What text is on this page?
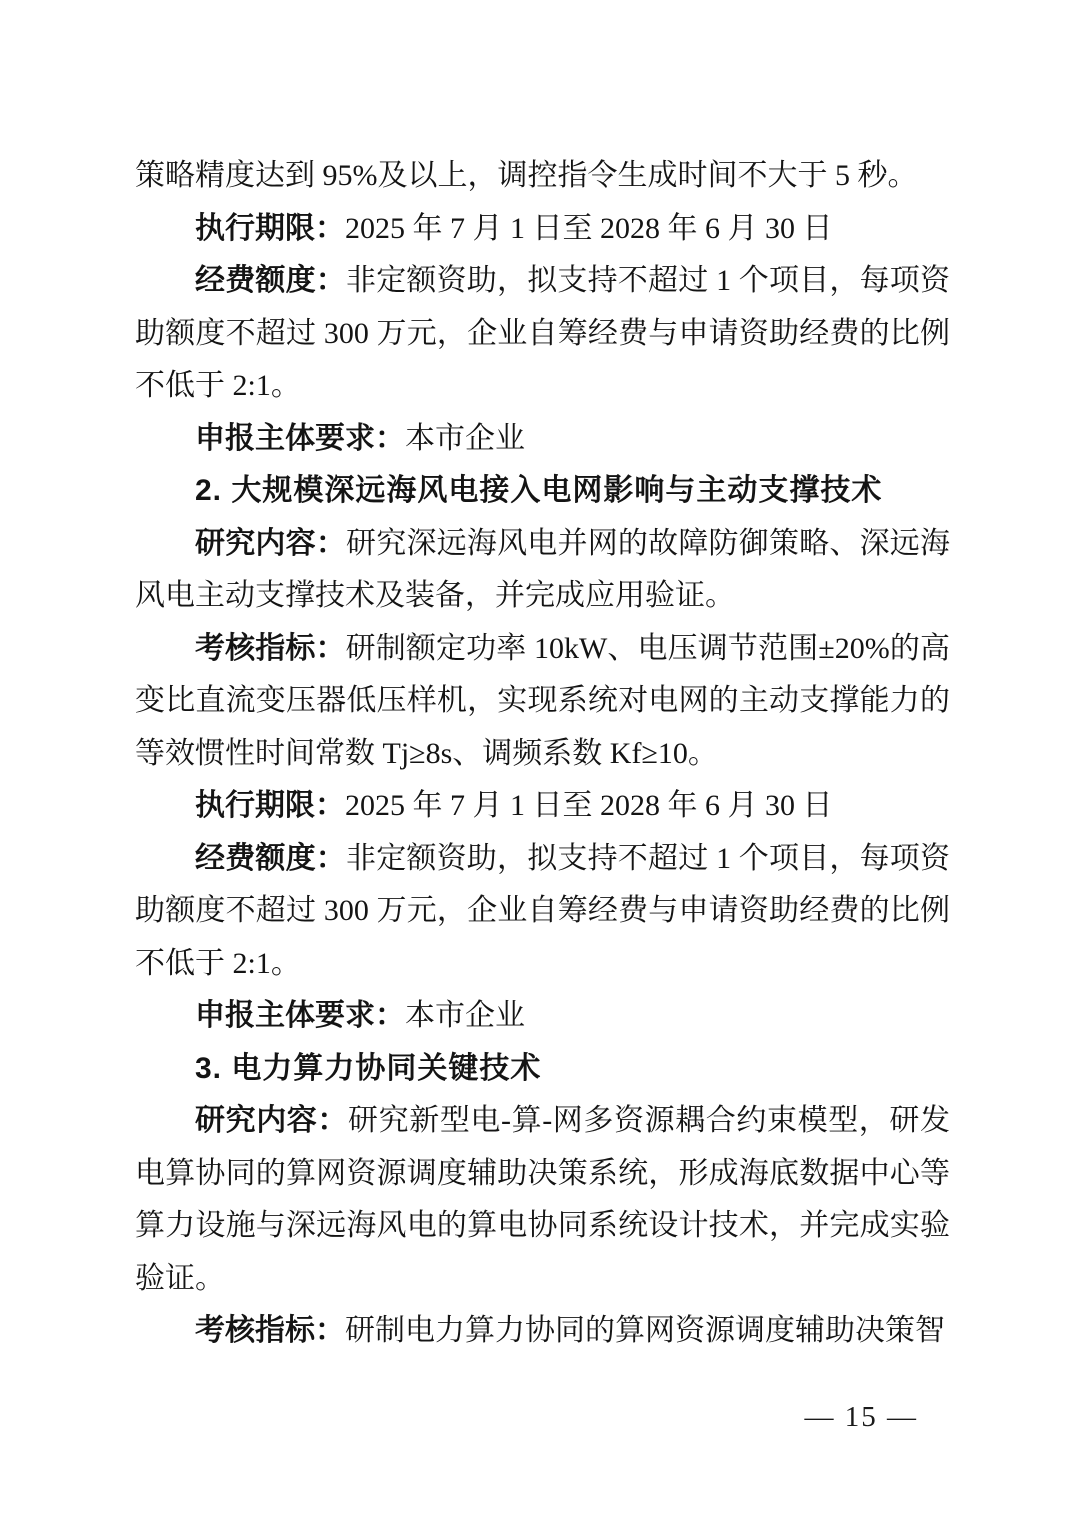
策略精度达到 95%及以上，调控指令生成时间不大于 5 秒。

执行期限：2025 年 7 月 1 日至 2028 年 6 月 30 日

经费额度：非定额资助，拟支持不超过 1 个项目，每项资助额度不超过 300 万元，企业自筹经费与申请资助经费的比例不低于 2:1。

申报主体要求：本市企业

2. 大规模深远海风电接入电网影响与主动支撑技术

研究内容：研究深远海风电并网的故障防御策略、深远海风电主动支撑技术及装备，并完成应用验证。

考核指标：研制额定功率 10kW、电压调节范围±20%的高变比直流变压器低压样机，实现系统对电网的主动支撑能力的等效惯性时间常数 Tj≥8s、调频系数 Kf≥10。

执行期限：2025 年 7 月 1 日至 2028 年 6 月 30 日

经费额度：非定额资助，拟支持不超过 1 个项目，每项资助额度不超过 300 万元，企业自筹经费与申请资助经费的比例不低于 2:1。

申报主体要求：本市企业

3. 电力算力协同关键技术

研究内容：研究新型电-算-网多资源耦合约束模型，研发电算协同的算网资源调度辅助决策系统，形成海底数据中心等算力设施与深远海风电的算电协同系统设计技术，并完成实验验证。

考核指标：研制电力算力协同的算网资源调度辅助决策智

— 15 —
